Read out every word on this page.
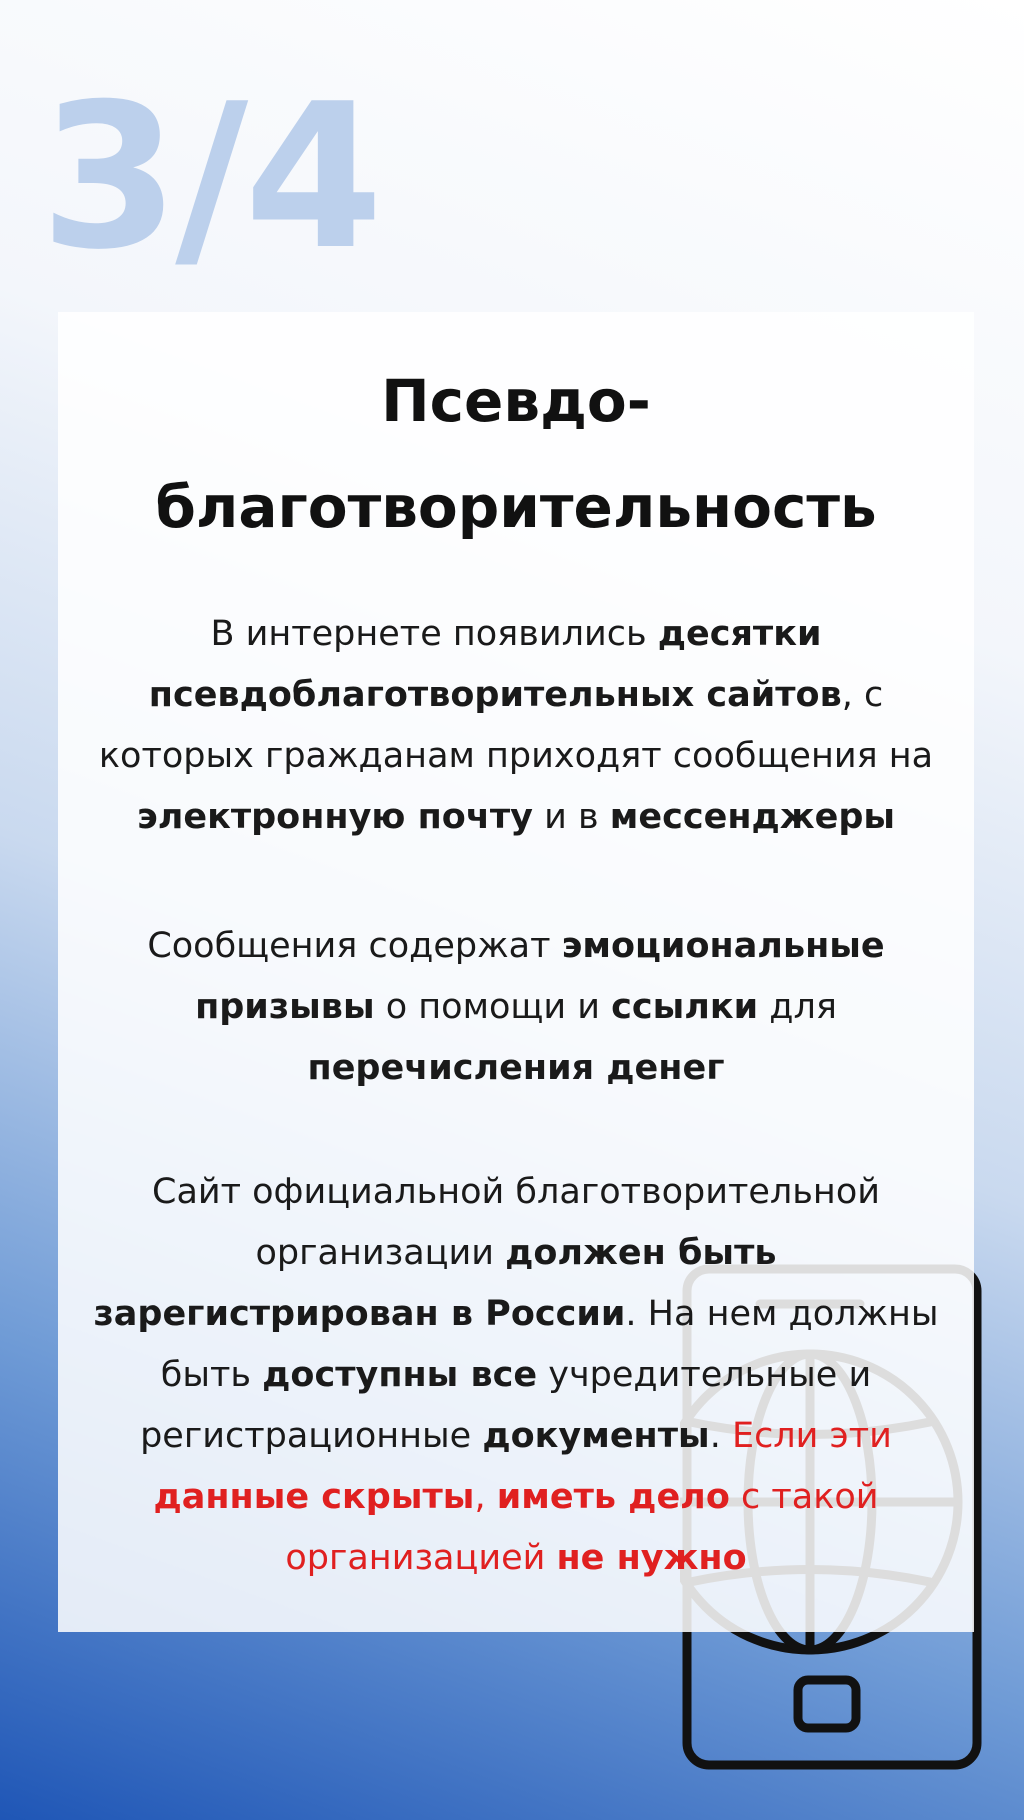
3/4
Псевдо-
благотворительность
В интернете появились десятки псевдоблаготворительных сайтов, с которых гражданам приходят сообщения на электронную почту и в мессенджеры
Сообщения содержат эмоциональные призывы о помощи и ссылки для перечисления денег
Сайт официальной благотворительной организации должен быть зарегистрирован в России. На нем должны быть доступны все учредительные и регистрационные документы. Если эти данные скрыты, иметь дело с такой организацией не нужно
